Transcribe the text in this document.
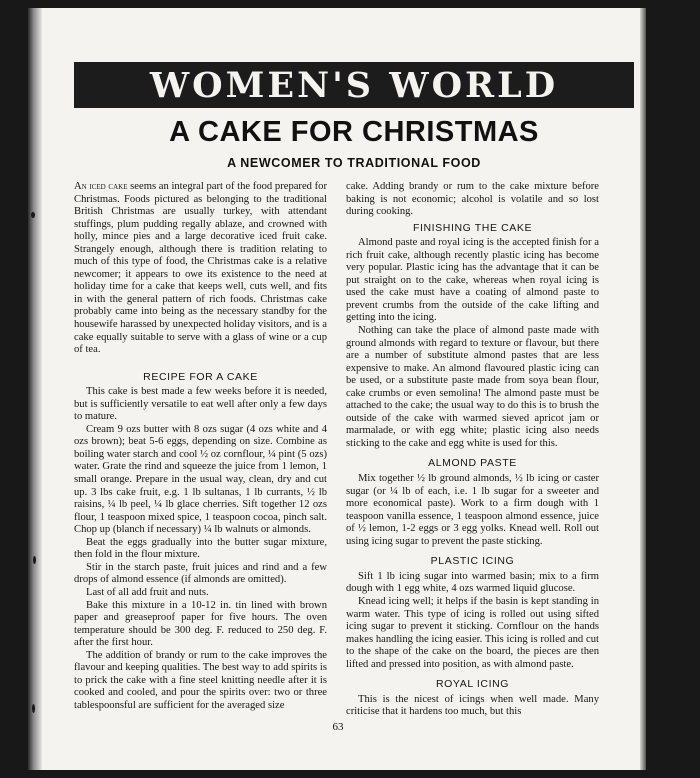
WOMEN'S WORLD
A CAKE FOR CHRISTMAS
A NEWCOMER TO TRADITIONAL FOOD

An iced cake seems an integral part of the food prepared for Christmas. Foods pictured as belonging to the traditional British Christmas are usually turkey, with attendant stuffings, plum pudding regally ablaze, and crowned with holly, mince pies and a large decorative iced fruit cake. Strangely enough, although there is tradition relating to much of this type of food, the Christmas cake is a relative newcomer; it appears to owe its existence to the need at holiday time for a cake that keeps well, cuts well, and fits in with the general pattern of rich foods. Christmas cake probably came into being as the necessary standby for the housewife harassed by unexpected holiday visitors, and is a cake equally suitable to serve with a glass of wine or a cup of tea.

RECIPE FOR A CAKE

This cake is best made a few weeks before it is needed, but is sufficiently versatile to eat well after only a few days to mature.

Cream 9 ozs butter with 8 ozs sugar (4 ozs white and 4 ozs brown); beat 5-6 eggs, depending on size. Combine as boiling water starch and cool ½ oz cornflour, ¼ pint (5 ozs) water. Grate the rind and squeeze the juice from 1 lemon, 1 small orange. Prepare in the usual way, clean, dry and cut up. 3 lbs cake fruit, e.g. 1 lb sultanas, 1 lb currants, ½ lb raisins, ¼ lb peel, ¼ lb glace cherries. Sift together 12 ozs flour, 1 teaspoon mixed spice, 1 teaspoon cocoa, pinch salt. Chop up (blanch if necessary) ¼ lb walnuts or almonds.

Beat the eggs gradually into the butter sugar mixture, then fold in the flour mixture.

Stir in the starch paste, fruit juices and rind and a few drops of almond essence (if almonds are omitted).

Last of all add fruit and nuts.

Bake this mixture in a 10-12 in. tin lined with brown paper and greaseproof paper for five hours. The oven temperature should be 300 deg. F. reduced to 250 deg. F. after the first hour.

The addition of brandy or rum to the cake improves the flavour and keeping qualities. The best way to add spirits is to prick the cake with a fine steel knitting needle after it is cooked and cooled, and pour the spirits over: two or three tablespoonsful are sufficient for the averaged size

cake. Adding brandy or rum to the cake mixture before baking is not economic; alcohol is volatile and so lost during cooking.

FINISHING THE CAKE

Almond paste and royal icing is the accepted finish for a rich fruit cake, although recently plastic icing has become very popular. Plastic icing has the advantage that it can be put straight on to the cake, whereas when royal icing is used the cake must have a coating of almond paste to prevent crumbs from the outside of the cake lifting and getting into the icing.

Nothing can take the place of almond paste made with ground almonds with regard to texture or flavour, but there are a number of substitute almond pastes that are less expensive to make. An almond flavoured plastic icing can be used, or a substitute paste made from soya bean flour, cake crumbs or even semolina! The almond paste must be attached to the cake; the usual way to do this is to brush the outside of the cake with warmed sieved apricot jam or marmalade, or with egg white; plastic icing also needs sticking to the cake and egg white is used for this.

ALMOND PASTE

Mix together ½ lb ground almonds, ½ lb icing or caster sugar (or ¼ lb of each, i.e. 1 lb sugar for a sweeter and more economical paste). Work to a firm dough with 1 teaspoon vanilla essence, 1 teaspoon almond essence, juice of ½ lemon, 1-2 eggs or 3 egg yolks. Knead well. Roll out using icing sugar to prevent the paste sticking.

PLASTIC ICING

Sift 1 lb icing sugar into warmed basin; mix to a firm dough with 1 egg white, 4 ozs warmed liquid glucose.

Knead icing well; it helps if the basin is kept standing in warm water. This type of icing is rolled out using sifted icing sugar to prevent it sticking. Cornflour on the hands makes handling the icing easier. This icing is rolled and cut to the shape of the cake on the board, the pieces are then lifted and pressed into position, as with almond paste.

ROYAL ICING

This is the nicest of icings when well made. Many criticise that it hardens too much, but this

63
